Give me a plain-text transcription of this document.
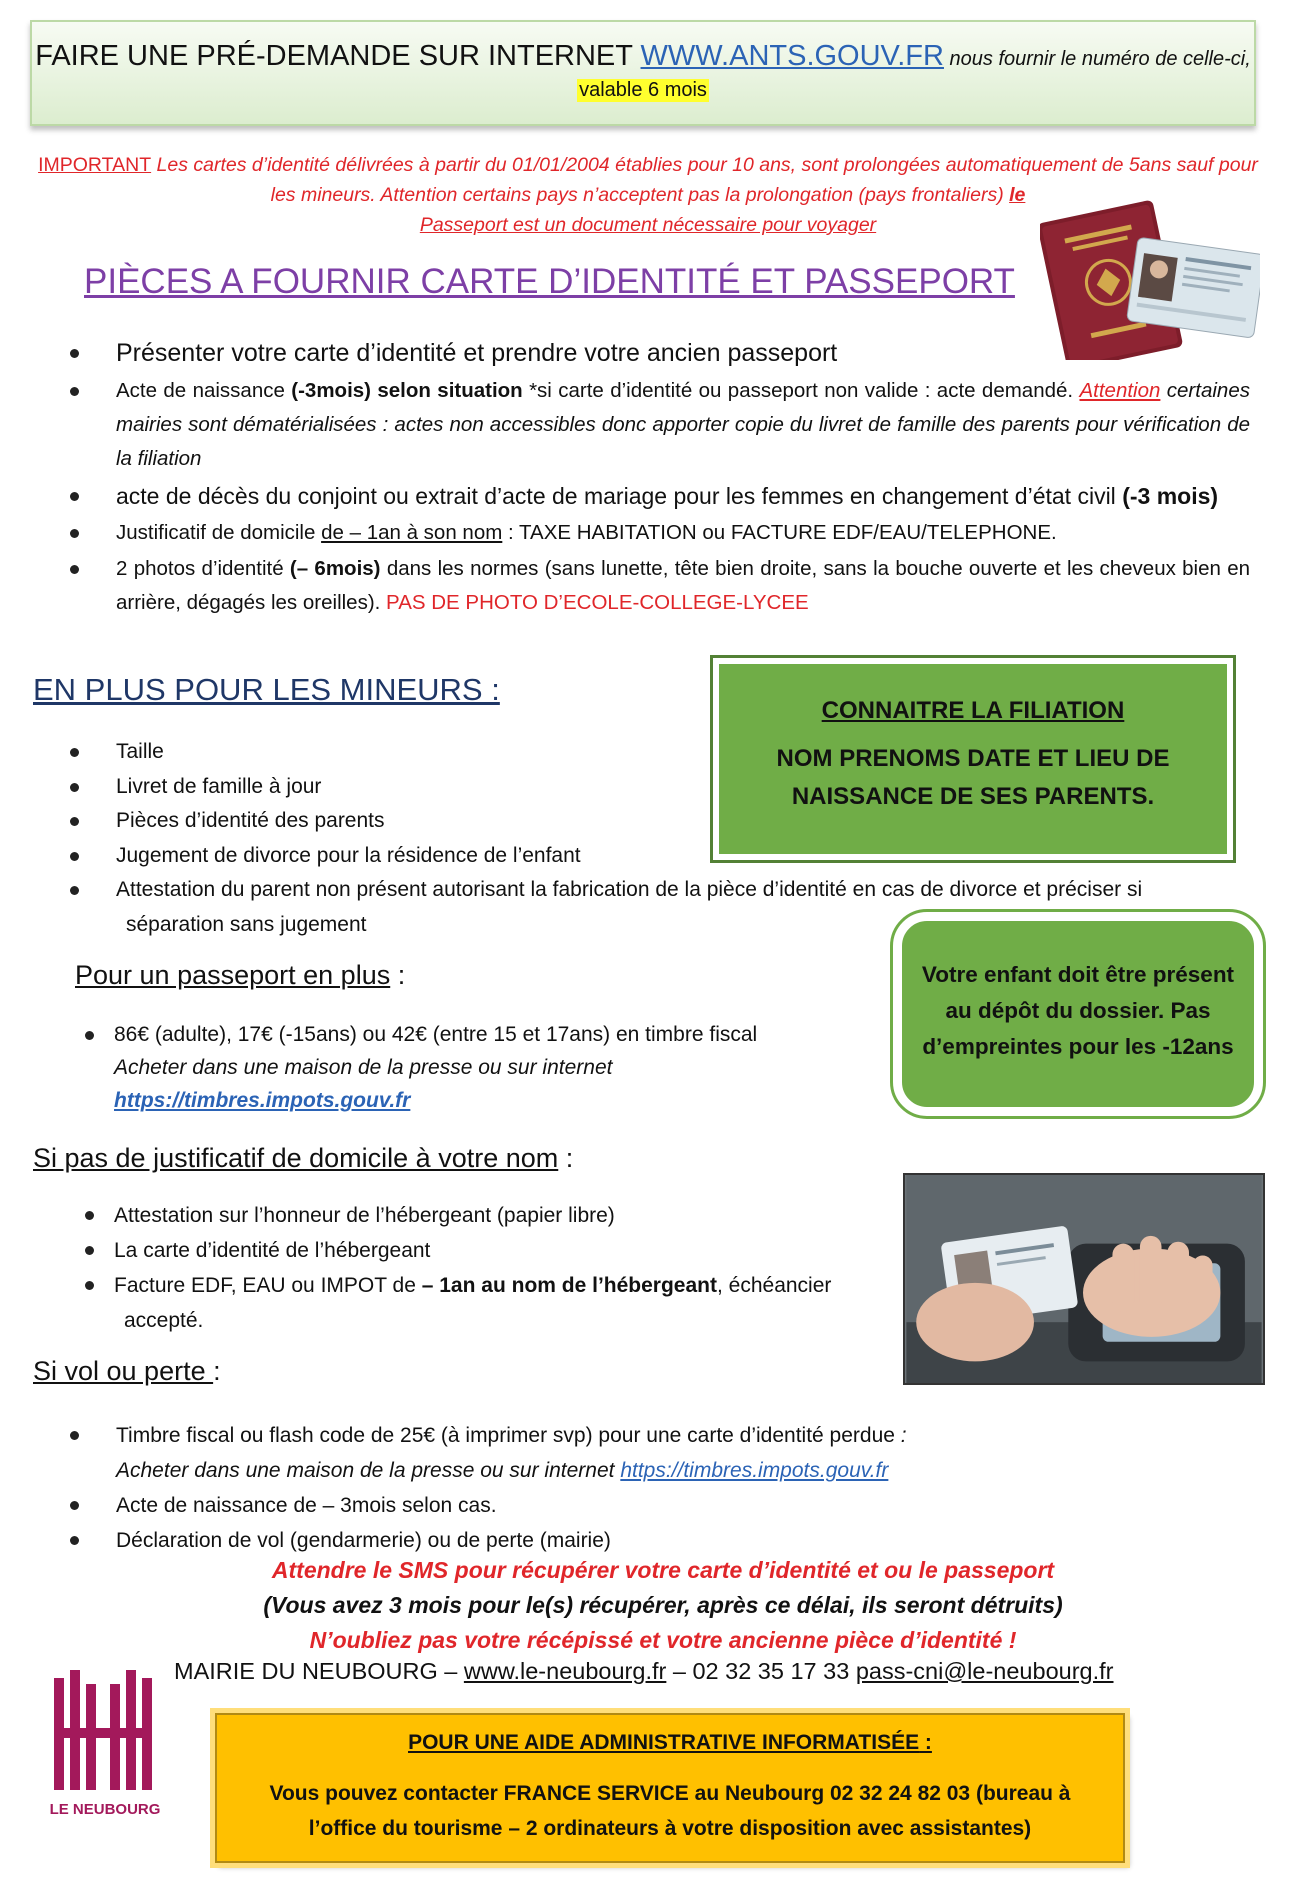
FAIRE UNE PRÉ-DEMANDE SUR INTERNET WWW.ANTS.GOUV.FR nous fournir le numéro de celle-ci,
valable 6 mois
IMPORTANT Les cartes d’identité délivrées à partir du 01/01/2004 établies pour 10 ans, sont prolongées automatiquement de 5ans sauf pour les mineurs. Attention certains pays n’acceptent pas la prolongation (pays frontaliers) le
Passeport est un document nécessaire pour voyager
PIÈCES A FOURNIR CARTE D’IDENTITÉ ET PASSEPORT
Présenter votre carte d’identité et prendre votre ancien passeport
Acte de naissance (-3mois) selon situation *si carte d’identité ou passeport non valide : acte demandé. Attention certaines mairies sont dématérialisées : actes non accessibles donc apporter copie du livret de famille des parents pour vérification de la filiation
acte de décès du conjoint ou extrait d’acte de mariage pour les femmes en changement d’état civil (-3 mois)
Justificatif de domicile de – 1an à son nom : TAXE HABITATION ou FACTURE EDF/EAU/TELEPHONE.
2 photos d’identité (– 6mois) dans les normes (sans lunette, tête bien droite, sans la bouche ouverte et les cheveux bien en arrière, dégagés les oreilles). PAS DE PHOTO D’ECOLE-COLLEGE-LYCEE
EN PLUS POUR LES MINEURS :
CONNAITRE LA FILIATION
NOM PRENOMS DATE ET LIEU DE
NAISSANCE DE SES PARENTS.
Taille
Livret de famille à jour
Pièces d’identité des parents
Jugement de divorce pour la résidence de l’enfant
Attestation du parent non présent autorisant la fabrication de la pièce d’identité en cas de divorce et préciser si
séparation sans jugement
Votre enfant doit être présent au dépôt du dossier. Pas d’empreintes pour les -12ans
Pour un passeport en plus :
86€ (adulte), 17€ (-15ans) ou 42€ (entre 15 et 17ans) en timbre fiscal
Acheter dans une maison de la presse ou sur internet
https://timbres.impots.gouv.fr
Si pas de justificatif de domicile à votre nom :
Attestation sur l’honneur de l’hébergeant (papier libre)
La carte d’identité de l’hébergeant
Facture EDF, EAU ou IMPOT de – 1an au nom de l’hébergeant, échéancier
accepté.
Si vol ou perte :
Timbre fiscal ou flash code de 25€ (à imprimer svp) pour une carte d’identité perdue :
Acheter dans une maison de la presse ou sur internet https://timbres.impots.gouv.fr
Acte de naissance de – 3mois selon cas.
Déclaration de vol (gendarmerie) ou de perte (mairie)
Attendre le SMS pour récupérer votre carte d’identité et ou le passeport
(Vous avez 3 mois pour le(s) récupérer, après ce délai, ils seront détruits)
N’oubliez pas votre récépissé et votre ancienne pièce d’identité !
MAIRIE DU NEUBOURG – www.le-neubourg.fr – 02 32 35 17 33 pass-cni@le-neubourg.fr
LE NEUBOURG
POUR UNE AIDE ADMINISTRATIVE INFORMATISÉE :
Vous pouvez contacter FRANCE SERVICE au Neubourg 02 32 24 82 03 (bureau à
l’office du tourisme – 2 ordinateurs à votre disposition avec assistantes)
